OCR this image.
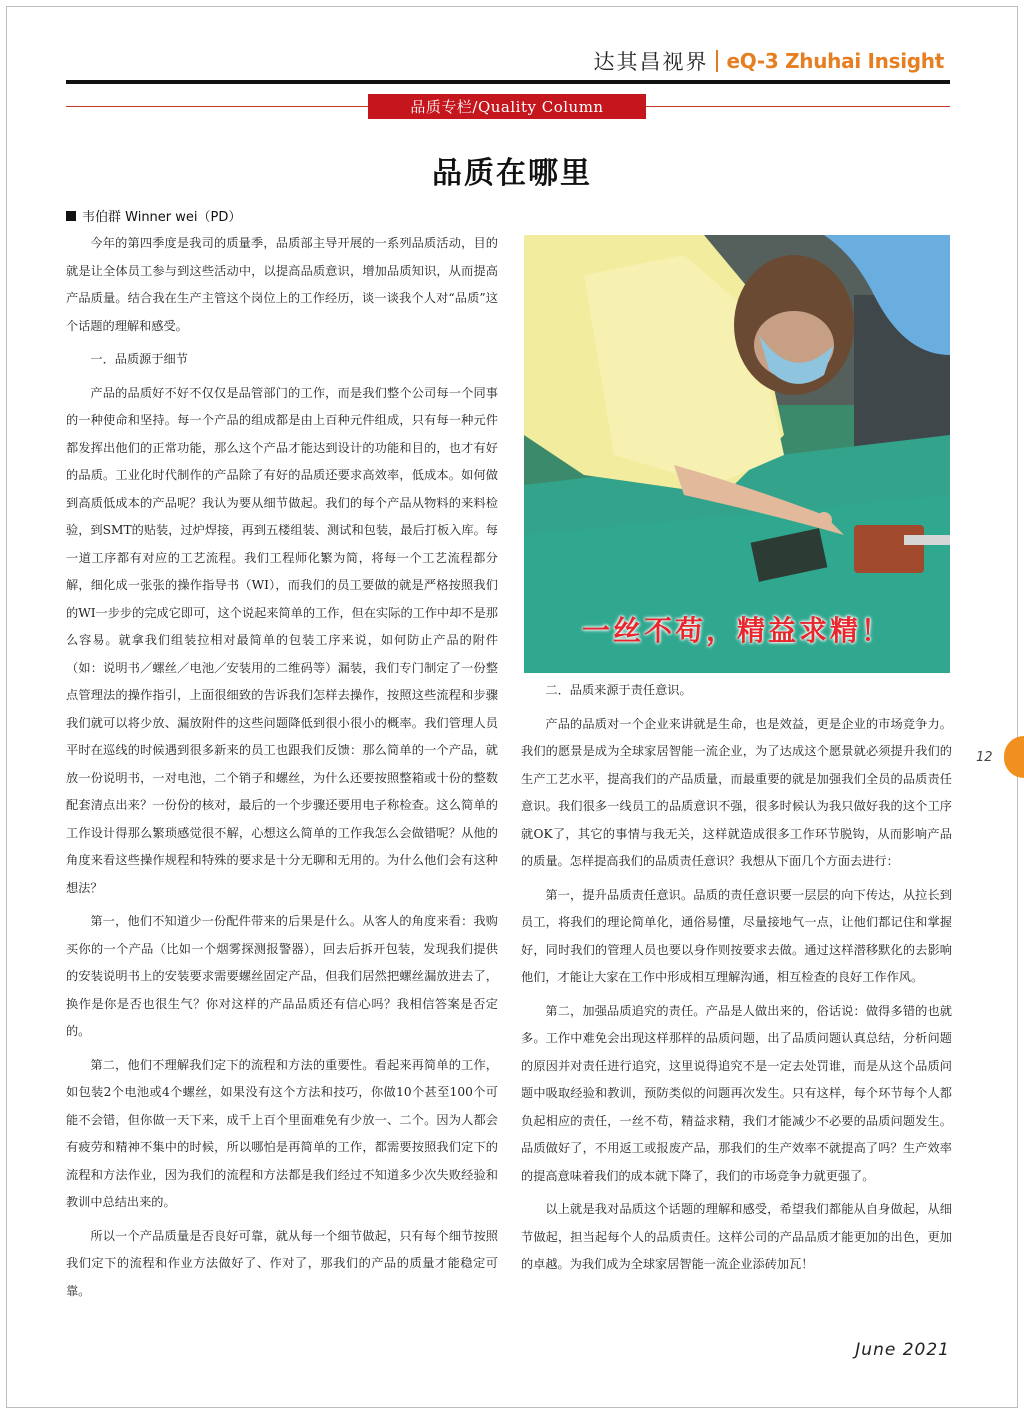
达其昌视界 eQ-3 Zhuhai Insight
品质专栏/Quality Column
品质在哪里
韦伯群 Winner wei（PD）

今年的第四季度是我司的质量季，品质部主导开展的一系列品质活动，目的就是让全体员工参与到这些活动中，以提高品质意识，增加品质知识，从而提高产品质量。结合我在生产主管这个岗位上的工作经历，谈一谈我个人对“品质”这个话题的理解和感受。

一．品质源于细节

产品的品质好不好不仅仅是品管部门的工作，而是我们整个公司每一个同事的一种使命和坚持。每一个产品的组成都是由上百种元件组成，只有每一种元件都发挥出他们的正常功能，那么这个产品才能达到设计的功能和目的，也才有好的品质。工业化时代制作的产品除了有好的品质还要求高效率，低成本。如何做到高质低成本的产品呢？我认为要从细节做起。我们的每个产品从物料的来料检验，到SMT的贴装，过炉焊接，再到五楼组装、测试和包装，最后打板入库。每一道工序都有对应的工艺流程。我们工程师化繁为简，将每一个工艺流程都分解，细化成一张张的操作指导书（WI），而我们的员工要做的就是严格按照我们的WI一步步的完成它即可，这个说起来简单的工作，但在实际的工作中却不是那么容易。就拿我们组装拉相对最简单的包装工序来说，如何防止产品的附件（如：说明书／螺丝／电池／安装用的二维码等）漏装，我们专门制定了一份整点管理法的操作指引，上面很细致的告诉我们怎样去操作，按照这些流程和步骤我们就可以将少放、漏放附件的这些问题降低到很小很小的概率。我们管理人员平时在巡线的时候遇到很多新来的员工也跟我们反馈：那么简单的一个产品，就放一份说明书，一对电池，二个销子和螺丝，为什么还要按照整箱或十份的整数配套清点出来？一份份的核对，最后的一个步骤还要用电子称检查。这么简单的工作设计得那么繁琐感觉很不解，心想这么简单的工作我怎么会做错呢？从他的角度来看这些操作规程和特殊的要求是十分无聊和无用的。为什么他们会有这种想法？

第一，他们不知道少一份配件带来的后果是什么。从客人的角度来看：我购买你的一个产品（比如一个烟雾探测报警器），回去后拆开包装，发现我们提供的安装说明书上的安装要求需要螺丝固定产品，但我们居然把螺丝漏放进去了，换作是你是否也很生气？你对这样的产品品质还有信心吗？我相信答案是否定的。

第二，他们不理解我们定下的流程和方法的重要性。看起来再简单的工作，如包装2个电池或4个螺丝，如果没有这个方法和技巧，你做10个甚至100个可能不会错，但你做一天下来，成千上百个里面难免有少放一、二个。因为人都会有疲劳和精神不集中的时候，所以哪怕是再简单的工作，都需要按照我们定下的流程和方法作业，因为我们的流程和方法都是我们经过不知道多少次失败经验和教训中总结出来的。

所以一个产品质量是否良好可靠，就从每一个细节做起，只有每个细节按照我们定下的流程和作业方法做好了、作对了，那我们的产品的质量才能稳定可靠。

一丝不苟，精益求精！

二．品质来源于责任意识。

产品的品质对一个企业来讲就是生命，也是效益，更是企业的市场竞争力。我们的愿景是成为全球家居智能一流企业，为了达成这个愿景就必须提升我们的生产工艺水平，提高我们的产品质量，而最重要的就是加强我们全员的品质责任意识。我们很多一线员工的品质意识不强，很多时候认为我只做好我的这个工序就OK了，其它的事情与我无关，这样就造成很多工作环节脱钩，从而影响产品的质量。怎样提高我们的品质责任意识？我想从下面几个方面去进行：

第一，提升品质责任意识。品质的责任意识要一层层的向下传达，从拉长到员工，将我们的理论简单化，通俗易懂，尽量接地气一点，让他们都记住和掌握好，同时我们的管理人员也要以身作则按要求去做。通过这样潜移默化的去影响他们，才能让大家在工作中形成相互理解沟通，相互检查的良好工作作风。

第二，加强品质追究的责任。产品是人做出来的，俗话说：做得多错的也就多。工作中难免会出现这样那样的品质问题，出了品质问题认真总结，分析问题的原因并对责任进行追究，这里说得追究不是一定去处罚谁，而是从这个品质问题中吸取经验和教训，预防类似的问题再次发生。只有这样，每个环节每个人都负起相应的责任，一丝不苟，精益求精，我们才能减少不必要的品质问题发生。品质做好了，不用返工或报废产品，那我们的生产效率不就提高了吗？生产效率的提高意味着我们的成本就下降了，我们的市场竞争力就更强了。

以上就是我对品质这个话题的理解和感受，希望我们都能从自身做起，从细节做起，担当起每个人的品质责任。这样公司的产品品质才能更加的出色，更加的卓越。为我们成为全球家居智能一流企业添砖加瓦！

12
June 2021
